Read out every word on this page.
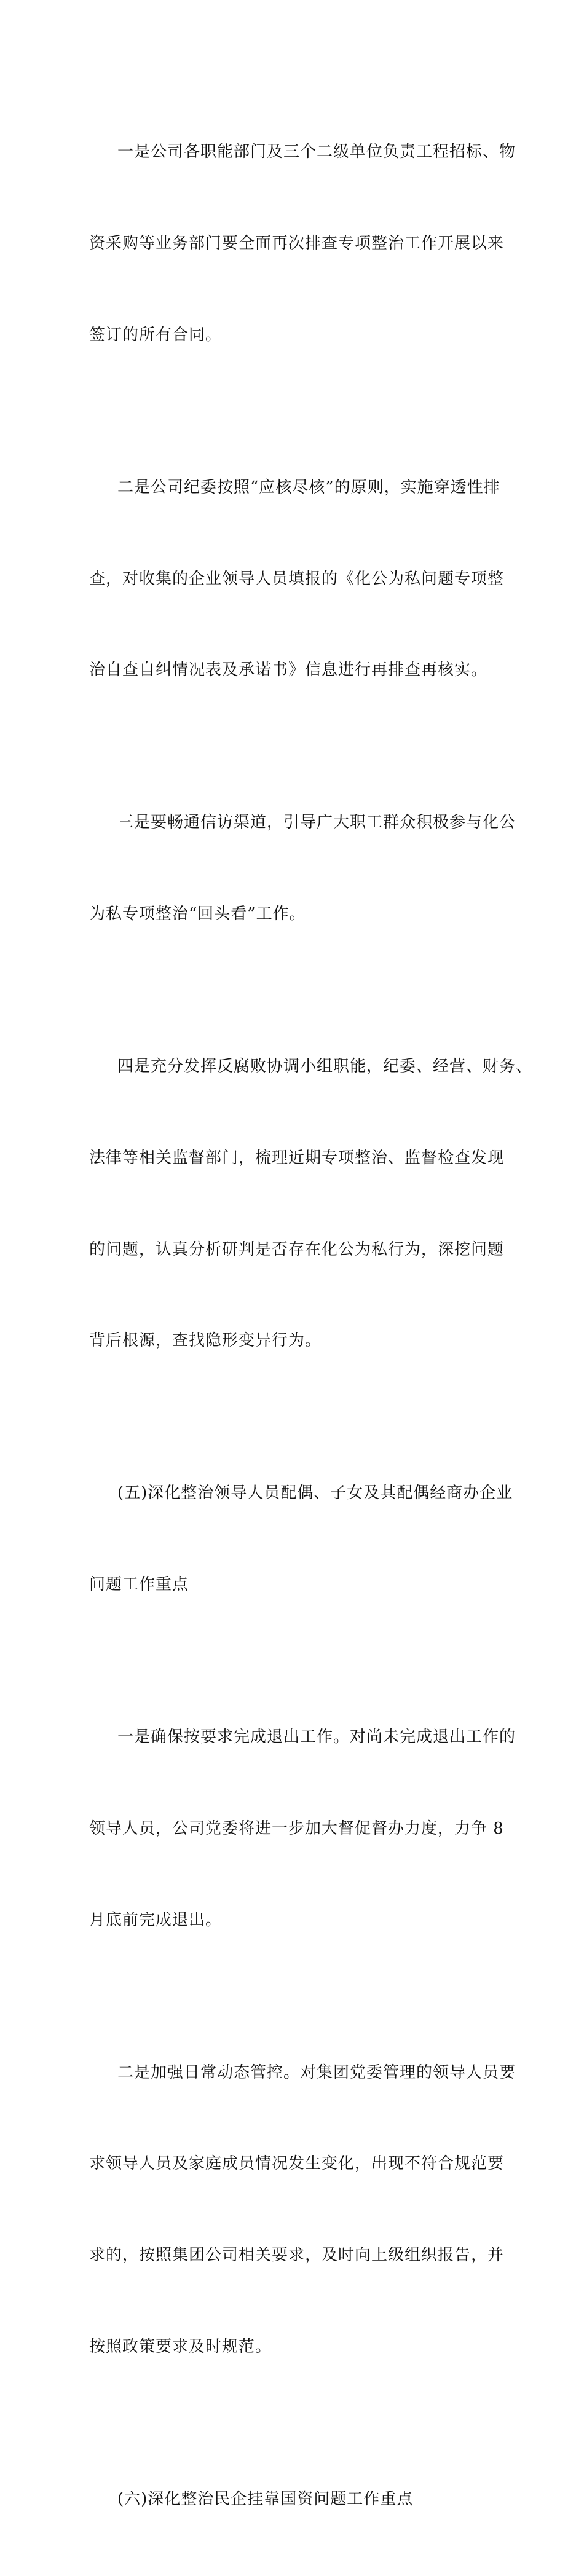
一是公司各职能部门及三个二级单位负责工程招标、物

资采购等业务部门要全面再次排查专项整治工作开展以来

签订的所有合同。

二是公司纪委按照“应核尽核”的原则，实施穿透性排

查，对收集的企业领导人员填报的《化公为私问题专项整

治自查自纠情况表及承诺书》信息进行再排查再核实。

三是要畅通信访渠道，引导广大职工群众积极参与化公

为私专项整治“回头看”工作。

四是充分发挥反腐败协调小组职能，纪委、经营、财务、

法律等相关监督部门，梳理近期专项整治、监督检查发现

的问题，认真分析研判是否存在化公为私行为，深挖问题

背后根源，查找隐形变异行为。

(五)深化整治领导人员配偶、子女及其配偶经商办企业

问题工作重点

一是确保按要求完成退出工作。对尚未完成退出工作的

领导人员，公司党委将进一步加大督促督办力度，力争 8

月底前完成退出。

二是加强日常动态管控。对集团党委管理的领导人员要

求领导人员及家庭成员情况发生变化，出现不符合规范要

求的，按照集团公司相关要求，及时向上级组织报告，并

按照政策要求及时规范。

(六)深化整治民企挂靠国资问题工作重点
